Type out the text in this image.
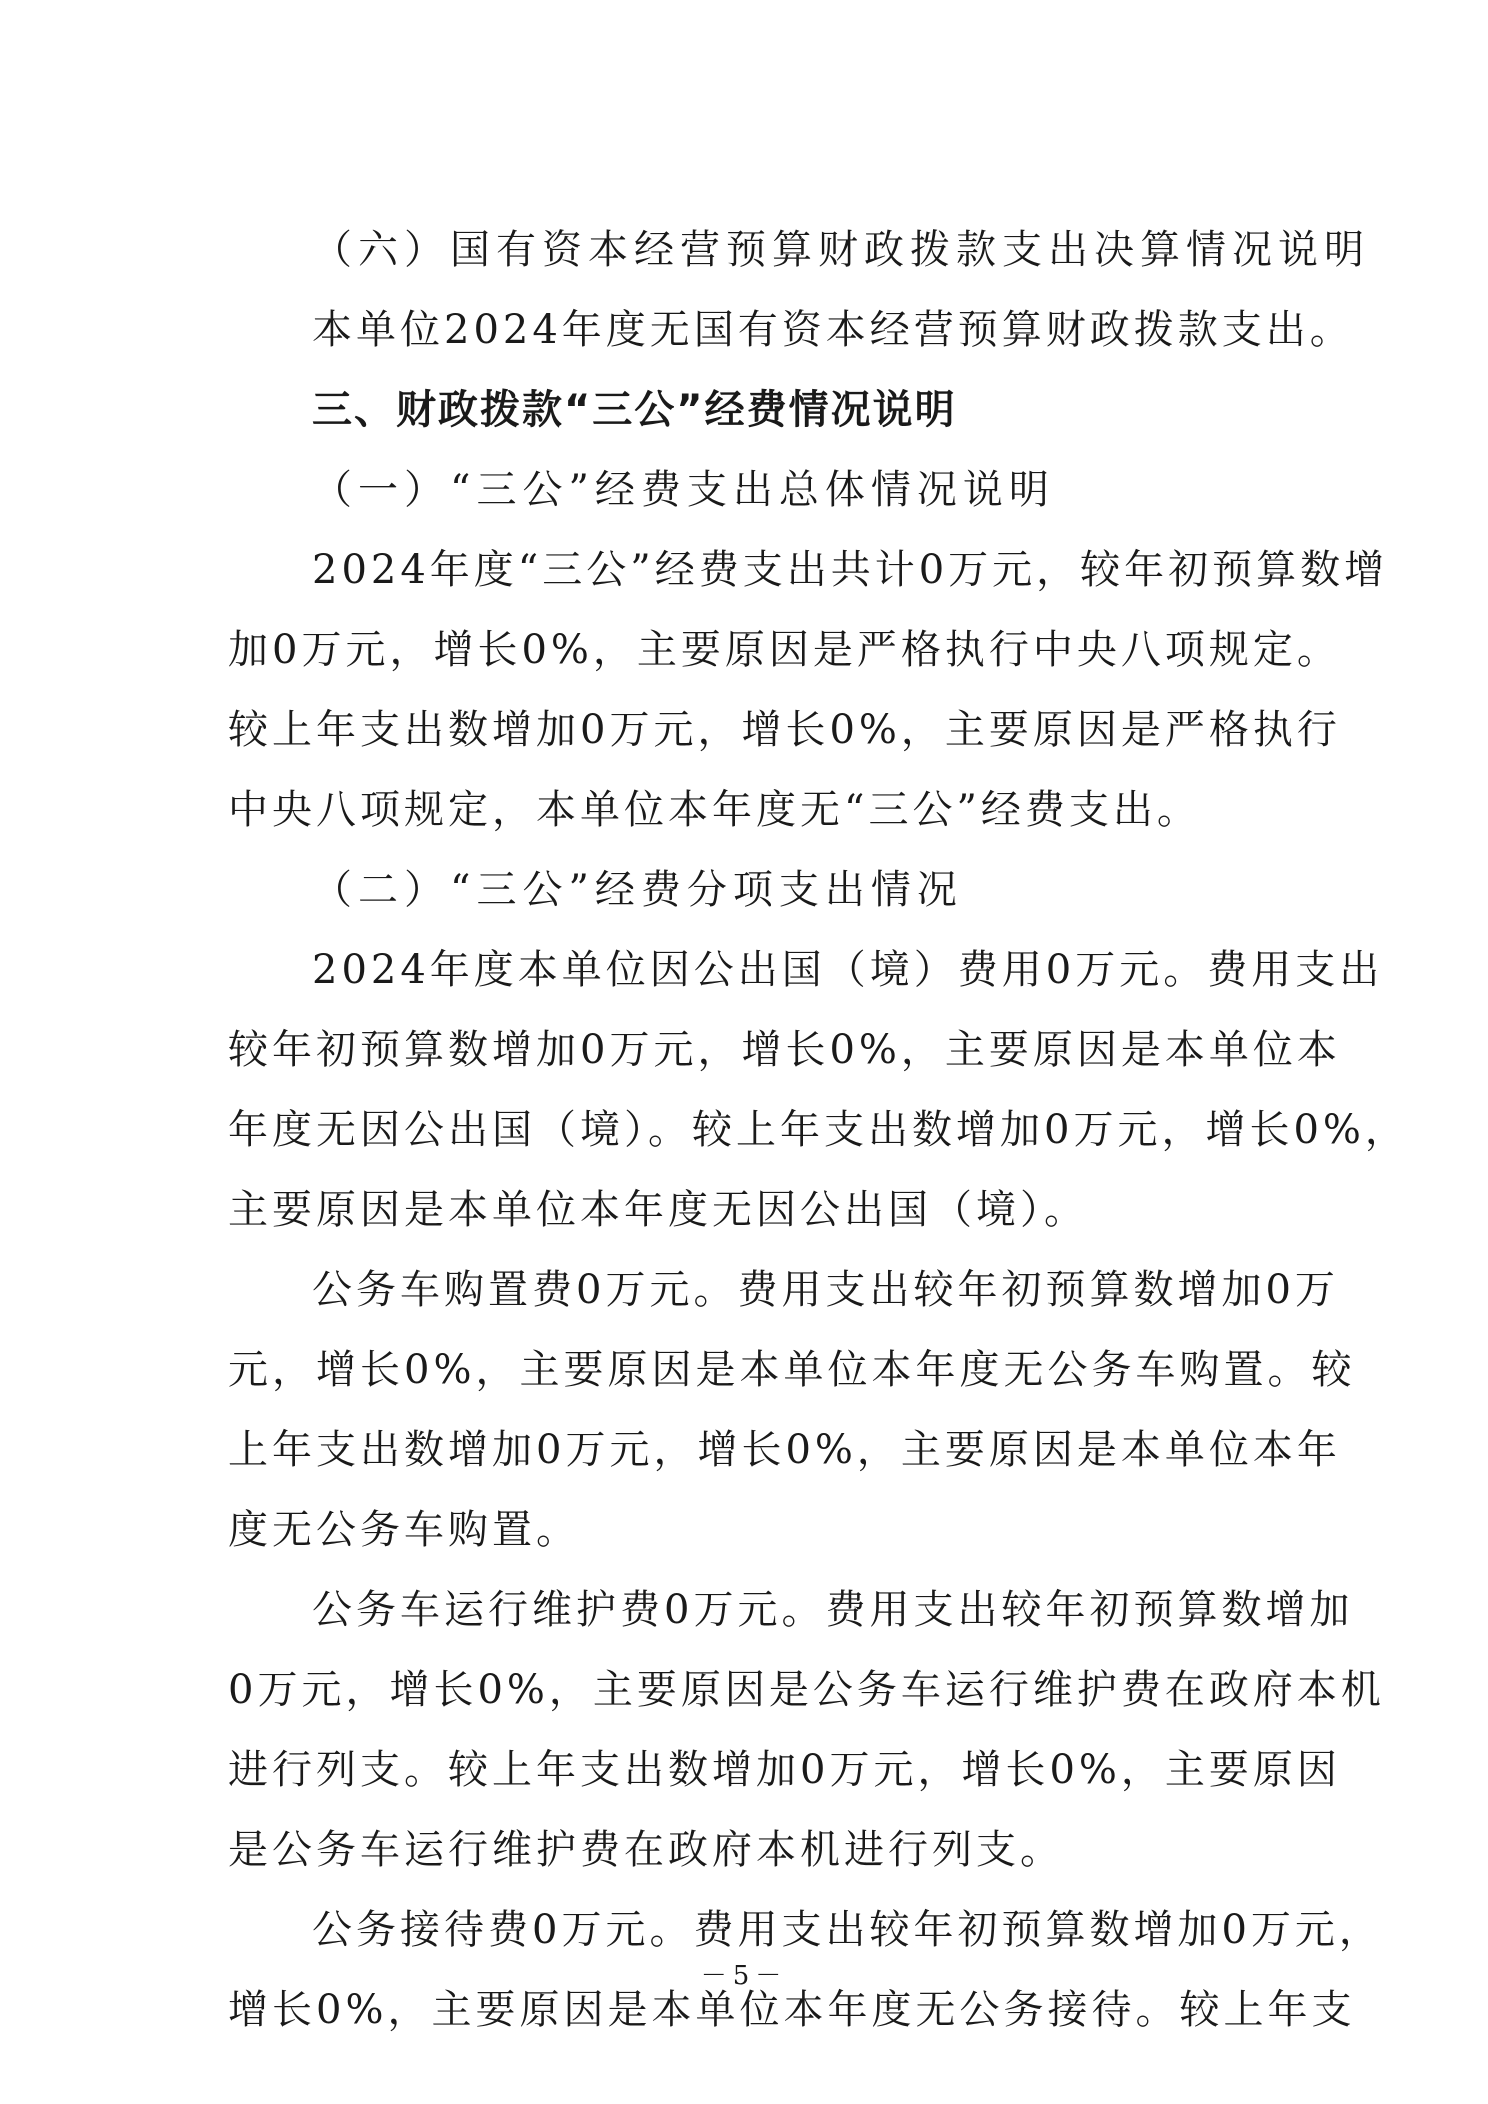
（六）国有资本经营预算财政拨款支出决算情况说明
本单位2024年度无国有资本经营预算财政拨款支出。
三、财政拨款“三公”经费情况说明
（一）“三公”经费支出总体情况说明
2024年度“三公”经费支出共计0万元，较年初预算数增
加0万元，增长0%，主要原因是严格执行中央八项规定。
较上年支出数增加0万元，增长0%，主要原因是严格执行
中央八项规定，本单位本年度无“三公”经费支出。
（二）“三公”经费分项支出情况
2024年度本单位因公出国（境）费用0万元。费用支出
较年初预算数增加0万元，增长0%，主要原因是本单位本
年度无因公出国（境）。较上年支出数增加0万元，增长0%，
主要原因是本单位本年度无因公出国（境）。
公务车购置费0万元。费用支出较年初预算数增加0万
元，增长0%，主要原因是本单位本年度无公务车购置。较
上年支出数增加0万元，增长0%，主要原因是本单位本年
度无公务车购置。
公务车运行维护费0万元。费用支出较年初预算数增加
0万元，增长0%，主要原因是公务车运行维护费在政府本机
进行列支。较上年支出数增加0万元，增长0%，主要原因
是公务车运行维护费在政府本机进行列支。
公务接待费0万元。费用支出较年初预算数增加0万元，
增长0%，主要原因是本单位本年度无公务接待。较上年支
－5－
